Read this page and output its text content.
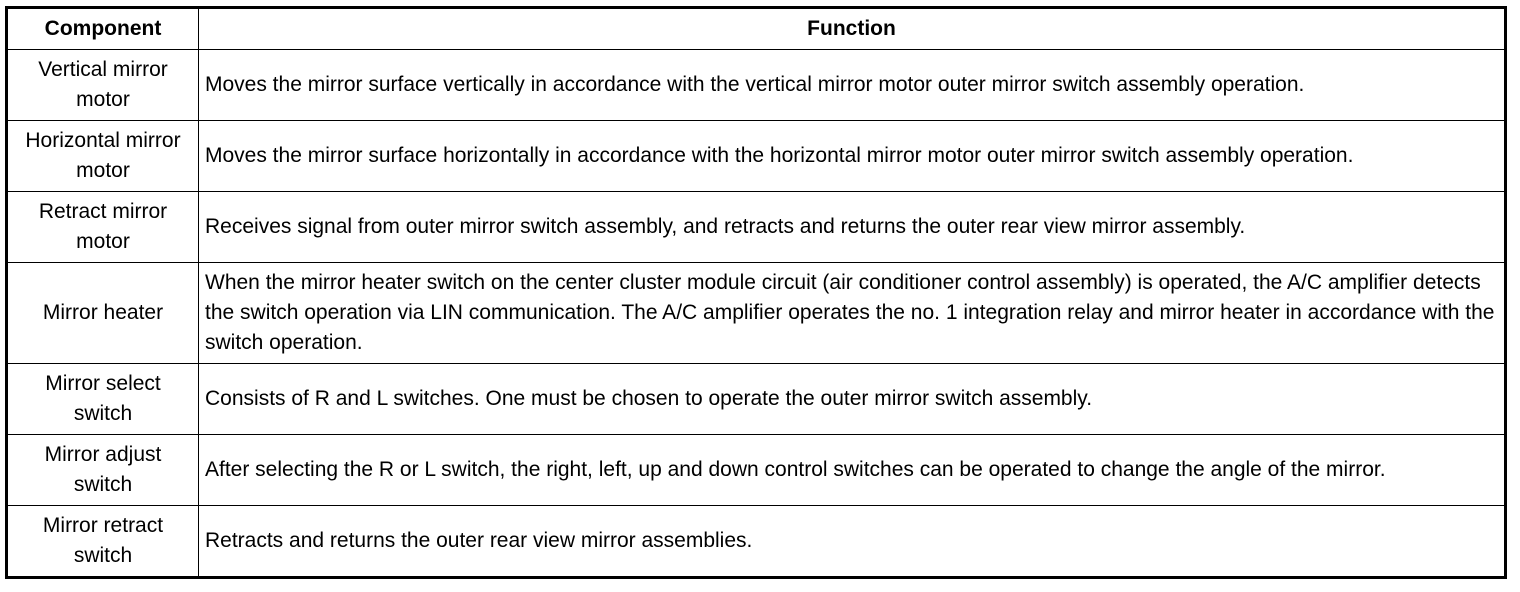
Component	Function
Vertical mirror motor	Moves the mirror surface vertically in accordance with the vertical mirror motor outer mirror switch assembly operation.
Horizontal mirror motor	Moves the mirror surface horizontally in accordance with the horizontal mirror motor outer mirror switch assembly operation.
Retract mirror motor	Receives signal from outer mirror switch assembly, and retracts and returns the outer rear view mirror assembly.
Mirror heater	When the mirror heater switch on the center cluster module circuit (air conditioner control assembly) is operated, the A/C amplifier detects the switch operation via LIN communication. The A/C amplifier operates the no. 1 integration relay and mirror heater in accordance with the switch operation.
Mirror select switch	Consists of R and L switches. One must be chosen to operate the outer mirror switch assembly.
Mirror adjust switch	After selecting the R or L switch, the right, left, up and down control switches can be operated to change the angle of the mirror.
Mirror retract switch	Retracts and returns the outer rear view mirror assemblies.
